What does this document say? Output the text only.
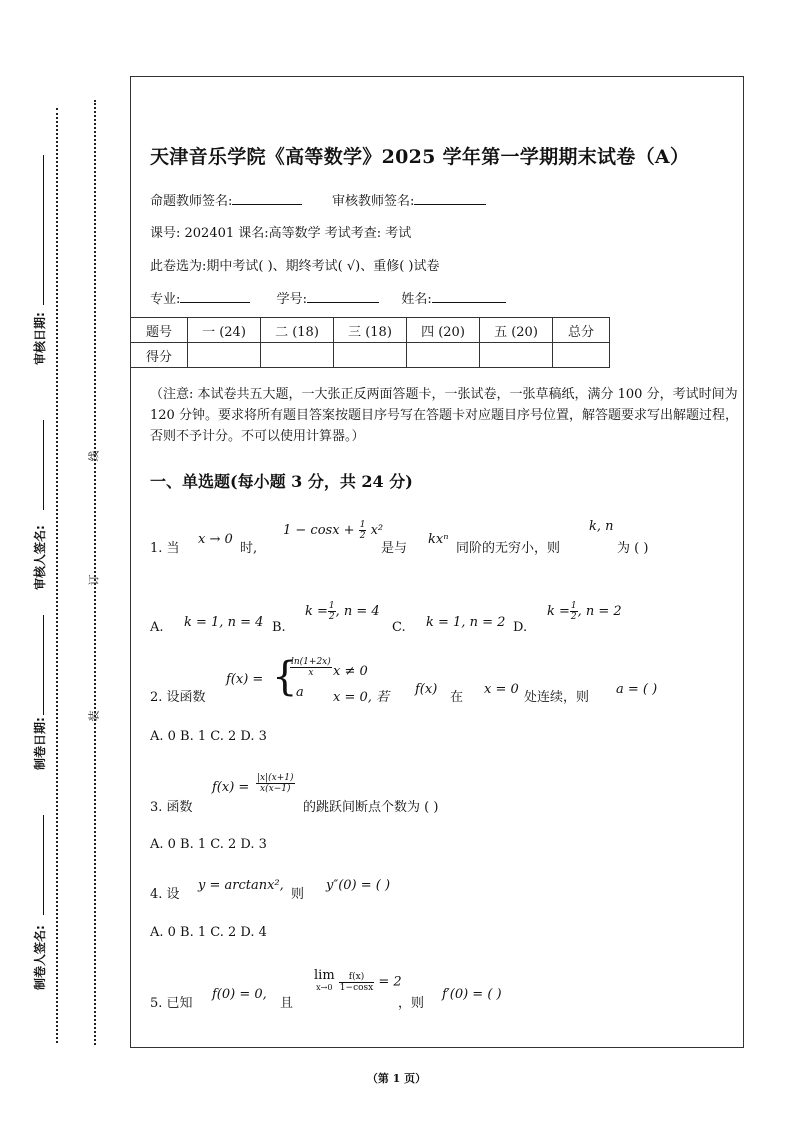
审核日期:
审核人签名:
制卷日期:
制卷人签名:
线
订
装
天津音乐学院《高等数学》2025 学年第一学期期末试卷（A）
命题教师签名:	审核教师签名:
课号: 202401 课名:高等数学 考试考查: 考试
此卷选为:期中考试( )、期终考试( √)、重修( )试卷
专业:	学号:	姓名:
题号	一 (24)	二 (18)	三 (18)	四 (20)	五 (20)	总分
得分						
（注意: 本试卷共五大题，一大张正反两面答题卡，一张试卷，一张草稿纸，满分 100 分，考试时间为 120 分钟。要求将所有题目答案按题目序号写在答题卡对应题目序号位置，解答题要求写出解题过程，否则不予计分。不可以使用计算器。）
一、单选题(每小题 3 分，共 24 分)
1. 当
x → 0
时,
$1 - \cos x + \frac{1}{2} x^2$
是与
kxⁿ
同阶的无穷小，则
k, n
为 ( )
A. k = 1, n = 4 B.
$k = \frac{1}{2}$ , n = 4
C. k = 1, n = 2 D.
$k = \frac{1}{2}$ , n = 2
2. 设函数
f(x) = {
$\frac{\ln(1+2x)}{x}$ x ≠ 0
a x = 0, 若
f(x)
在
x = 0
处连续，则
a = ( )
A. 0 B. 1 C. 2 D. 3
3. 函数
$f(x) = \frac{|x|(x+1)}{x(x-1)}$
的跳跃间断点个数为 ( )
A. 0 B. 1 C. 2 D. 3
4. 设
y = arctanx²,
则
y″(0) = ( )
A. 0 B. 1 C. 2 D. 4
5. 已知
f(0) = 0,
且
lim
x→0
$\frac{f(x)}{1-\cos x} = 2$
，则
f′(0) = ( )
（第 1 页）
